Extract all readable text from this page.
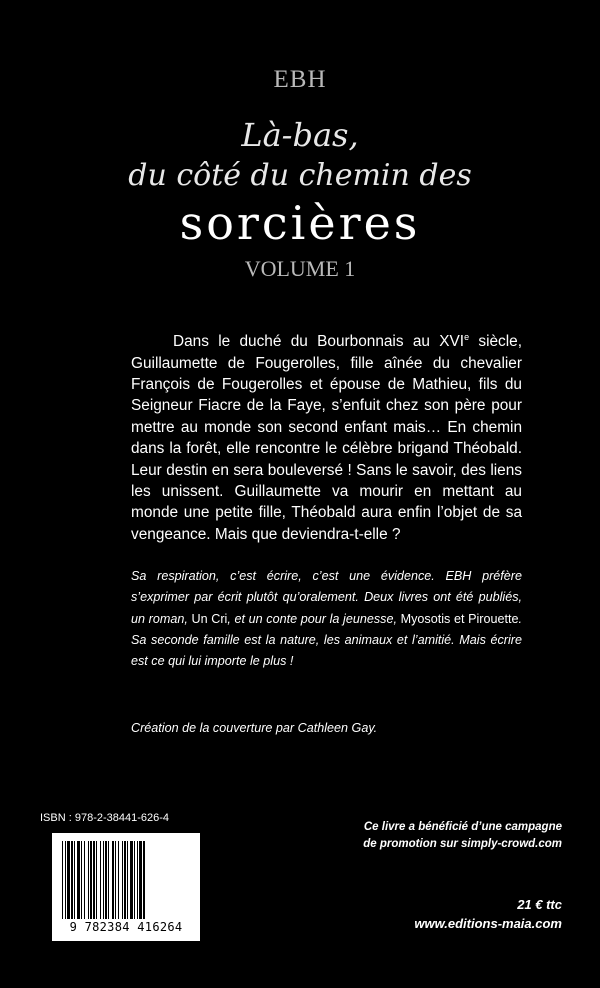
EBH
Là-bas,
du côté du chemin des
sorcières
VOLUME 1

Dans le duché du Bourbonnais au XVIe siècle, Guillaumette de Fougerolles, fille aînée du chevalier François de Fougerolles et épouse de Mathieu, fils du Seigneur Fiacre de la Faye, s’enfuit chez son père pour mettre au monde son second enfant mais… En chemin dans la forêt, elle rencontre le célèbre brigand Théobald. Leur destin en sera bouleversé ! Sans le savoir, des liens les unissent. Guillaumette va mourir en mettant au monde une petite fille, Théobald aura enfin l’objet de sa vengeance. Mais que deviendra-t-elle ?

Sa respiration, c’est écrire, c’est une évidence. EBH préfère s’exprimer par écrit plutôt qu’oralement. Deux livres ont été publiés, un roman, Un Cri, et un conte pour la jeunesse, Myosotis et Pirouette. Sa seconde famille est la nature, les animaux et l’amitié. Mais écrire est ce qui lui importe le plus !

Création de la couverture par Cathleen Gay.
ISBN : 978-2-38441-626-4
9 782384 416264
Ce livre a bénéficié d’une campagne
de promotion sur simply-crowd.com
21 € ttc
www.editions-maia.com
